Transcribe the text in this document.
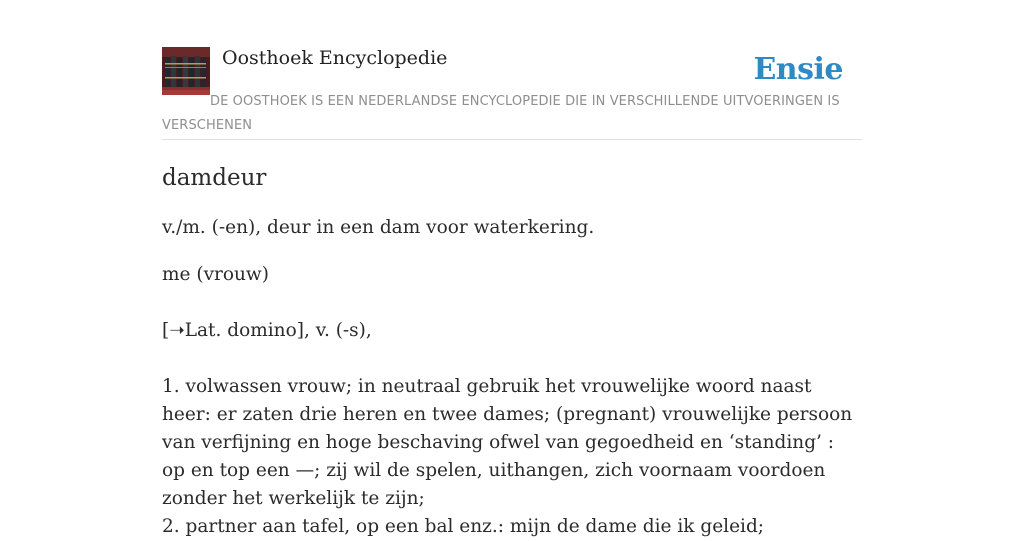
Oosthoek Encyclopedie	Ensie
DE OOSTHOEK IS EEN NEDERLANDSE ENCYCLOPEDIE DIE IN VERSCHILLENDE UITVOERINGEN IS VERSCHENEN
damdeur

v./m. (-en), deur in een dam voor waterkering.

me (vrouw)

[➝Lat. domino], v. (-s),

1. volwassen vrouw; in neutraal gebruik het vrouwelijke woord naast heer: er zaten drie heren en twee dames; (pregnant) vrouwelijke persoon van verfijning en hoge beschaving ofwel van gegoedheid en ‘standing’ : op en top een —; zij wil de spelen, uithangen, zich voornaam voordoen zonder het werkelijk te zijn;

2. partner aan tafel, op een bal enz.: mijn de dame die ik geleid;
